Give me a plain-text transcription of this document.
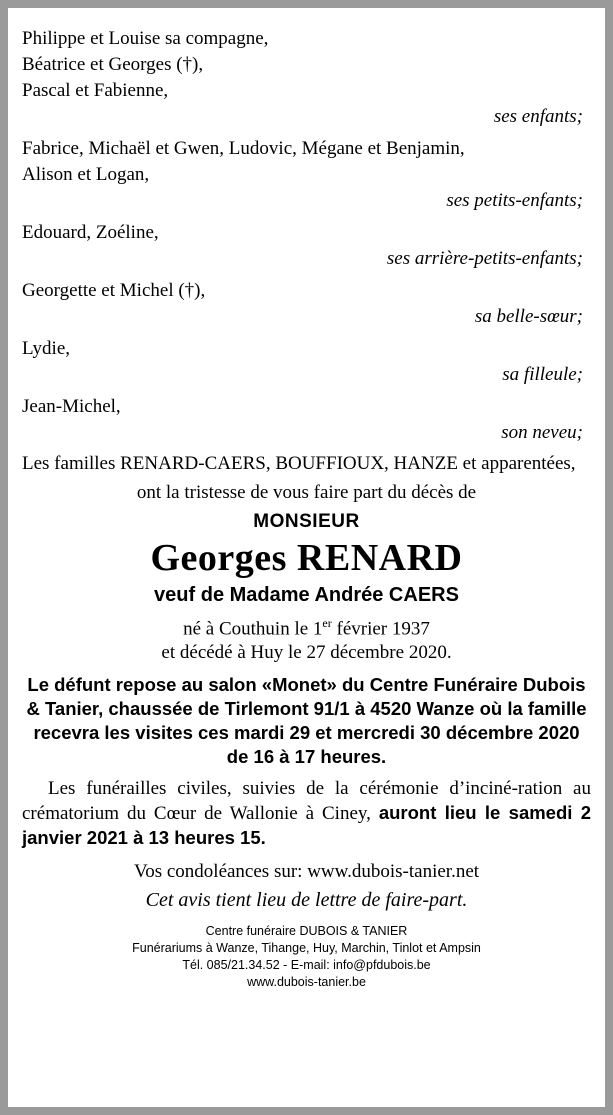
Philippe et Louise sa compagne,

Béatrice et Georges (†),

Pascal et Fabienne,

ses enfants;

Fabrice, Michaël et Gwen, Ludovic, Mégane et Benjamin,

Alison et Logan,

ses petits-enfants;

Edouard, Zoéline,

ses arrière-petits-enfants;

Georgette et Michel (†),

sa belle-sœur;

Lydie,

sa filleule;

Jean-Michel,

son neveu;

Les familles RENARD-CAERS, BOUFFIOUX, HANZE et apparentées,

ont la tristesse de vous faire part du décès de

MONSIEUR

Georges RENARD

veuf de Madame Andrée CAERS

né à Couthuin le 1er février 1937

et décédé à Huy le 27 décembre 2020.

Le défunt repose au salon «Monet» du Centre Funéraire Dubois & Tanier, chaussée de Tirlemont 91/1 à 4520 Wanze où la famille recevra les visites ces mardi 29 et mercredi 30 décembre 2020 de 16 à 17 heures.

Les funérailles civiles, suivies de la cérémonie d’inciné-ration au crématorium du Cœur de Wallonie à Ciney, auront lieu le samedi 2 janvier 2021 à 13 heures 15.

Vos condoléances sur: www.dubois-tanier.net

Cet avis tient lieu de lettre de faire-part.

Centre funéraire DUBOIS & TANIER
Funérariums à Wanze, Tihange, Huy, Marchin, Tinlot et Ampsin
Tél. 085/21.34.52 - E-mail: info@pfdubois.be
www.dubois-tanier.be
